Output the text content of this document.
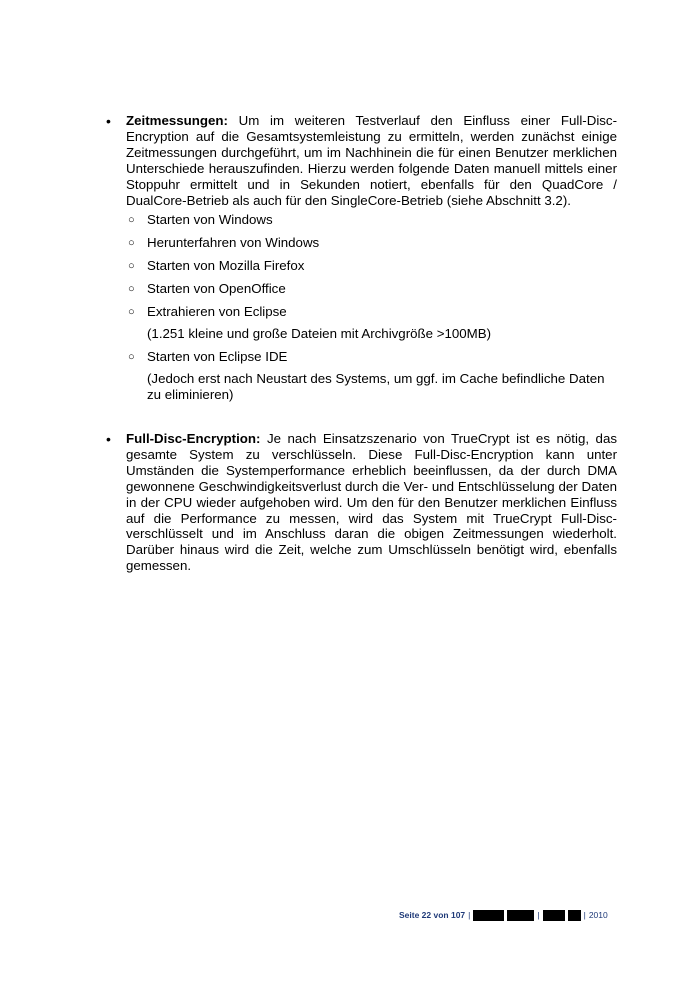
•	Zeitmessungen: Um im weiteren Testverlauf den Einfluss einer Full-Disc-Encryption auf die Gesamtsystemleistung zu ermitteln, werden zunächst einige Zeitmessungen durchgeführt, um im Nachhinein die für einen Benutzer merklichen Unterschiede herauszufinden. Hierzu werden folgende Daten manuell mittels einer Stoppuhr ermittelt und in Sekunden notiert, ebenfalls für den QuadCore / DualCore-Betrieb als auch für den SingleCore-Betrieb (siehe Abschnitt 3.2).
○ Starten von Windows
○ Herunterfahren von Windows
○ Starten von Mozilla Firefox
○ Starten von OpenOffice
○ Extrahieren von Eclipse
(1.251 kleine und große Dateien mit Archivgröße >100MB)
○ Starten von Eclipse IDE
(Jedoch erst nach Neustart des Systems, um ggf. im Cache befindliche Daten zu eliminieren)
•	Full-Disc-Encryption: Je nach Einsatzszenario von TrueCrypt ist es nötig, das gesamte System zu verschlüsseln. Diese Full-Disc-Encryption kann unter Umständen die Systemperformance erheblich beeinflussen, da der durch DMA gewonnene Geschwindigkeitsverlust durch die Ver- und Entschlüsselung der Daten in der CPU wieder aufgehoben wird. Um den für den Benutzer merklichen Einfluss auf die Performance zu messen, wird das System mit TrueCrypt Full-Disc-verschlüsselt und im Anschluss daran die obigen Zeitmessungen wiederholt. Darüber hinaus wird die Zeit, welche zum Umschlüsseln benötigt wird, ebenfalls gemessen.
Seite 22 von 107 |	|	| 2010
